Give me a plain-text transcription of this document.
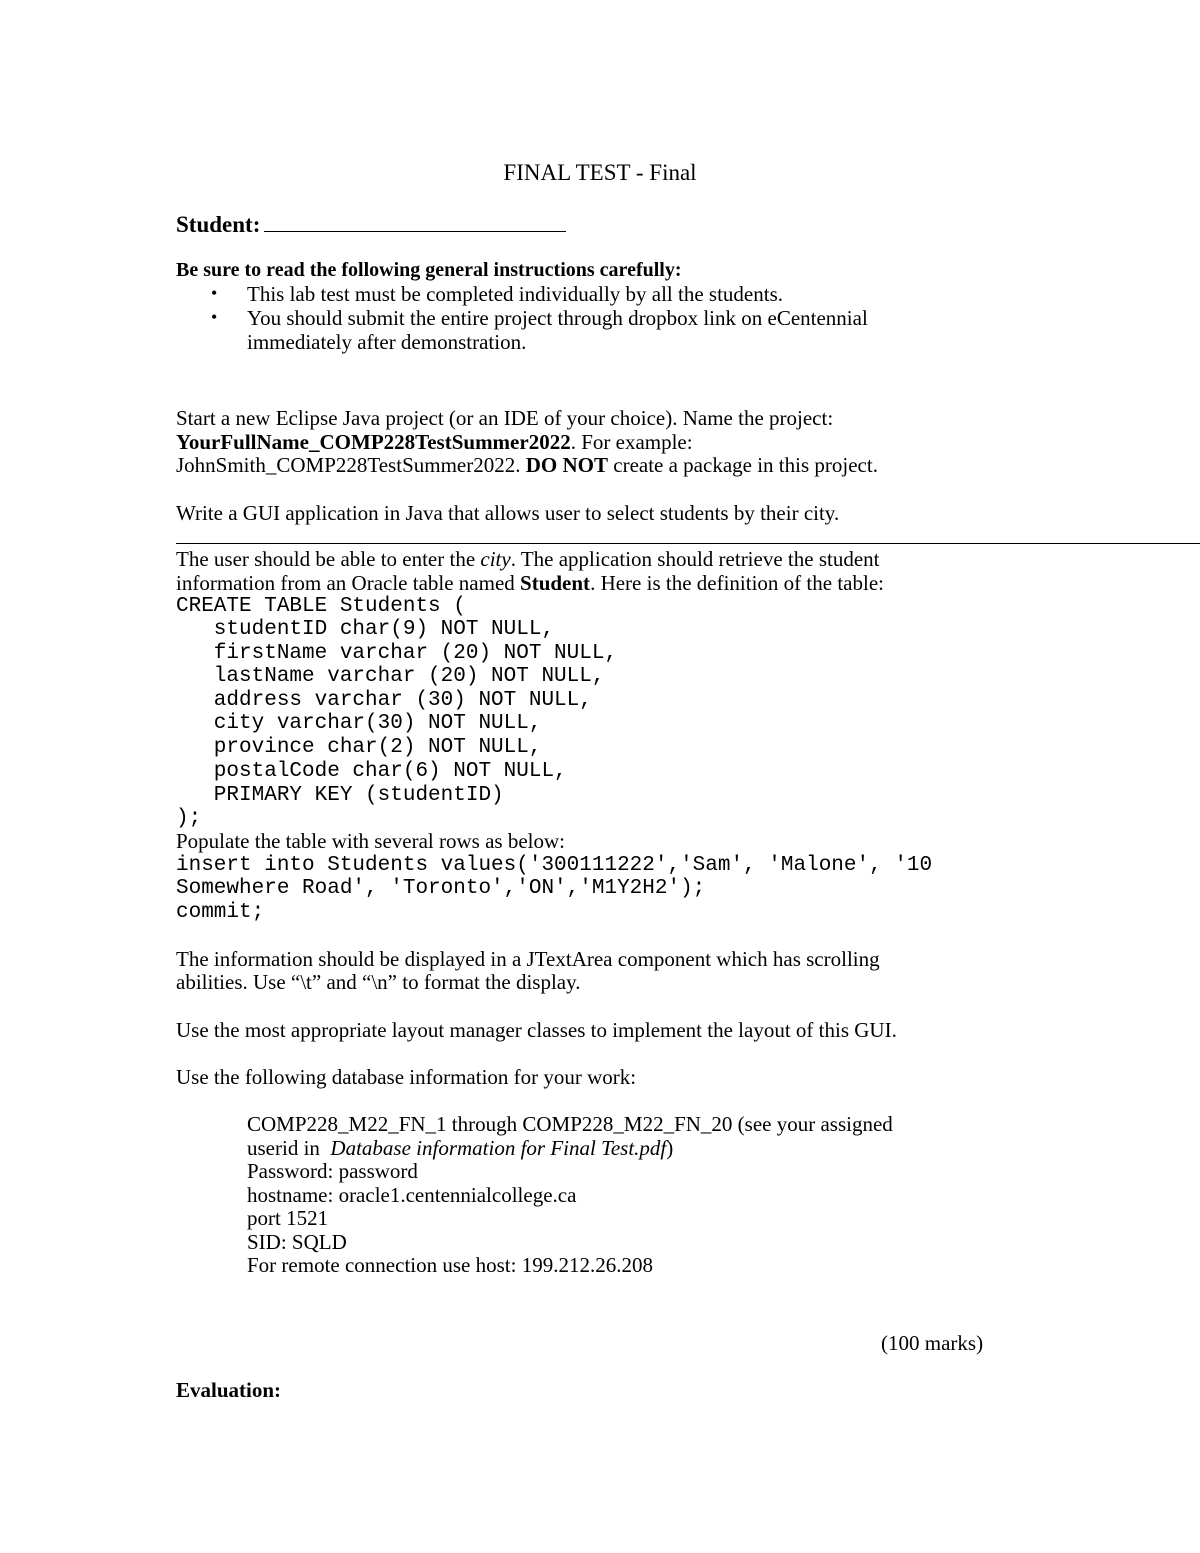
FINAL TEST - Final
Student:
Be sure to read the following general instructions carefully:
• This lab test must be completed individually by all the students.
• You should submit the entire project through dropbox link on eCentennial
immediately after demonstration.
Start a new Eclipse Java project (or an IDE of your choice). Name the project:
YourFullName_COMP228TestSummer2022. For example:
JohnSmith_COMP228TestSummer2022. DO NOT create a package in this project.
Write a GUI application in Java that allows user to select students by their city.
The user should be able to enter the city. The application should retrieve the student
information from an Oracle table named Student. Here is the definition of the table:
CREATE TABLE Students (
studentID char(9) NOT NULL,
firstName varchar (20) NOT NULL,
lastName varchar (20) NOT NULL,
address varchar (30) NOT NULL,
city varchar(30) NOT NULL,
province char(2) NOT NULL,
postalCode char(6) NOT NULL,
PRIMARY KEY (studentID)
);
Populate the table with several rows as below:
insert into Students values('300111222','Sam', 'Malone', '10
Somewhere Road', 'Toronto','ON','M1Y2H2');
commit;
The information should be displayed in a JTextArea component which has scrolling
abilities. Use “\t” and “\n” to format the display.
Use the most appropriate layout manager classes to implement the layout of this GUI.
Use the following database information for your work:
COMP228_M22_FN_1 through COMP228_M22_FN_20 (see your assigned
userid in  Database information for Final Test.pdf)
Password: password
hostname: oracle1.centennialcollege.ca
port 1521
SID: SQLD
For remote connection use host: 199.212.26.208
(100 marks)
Evaluation:
